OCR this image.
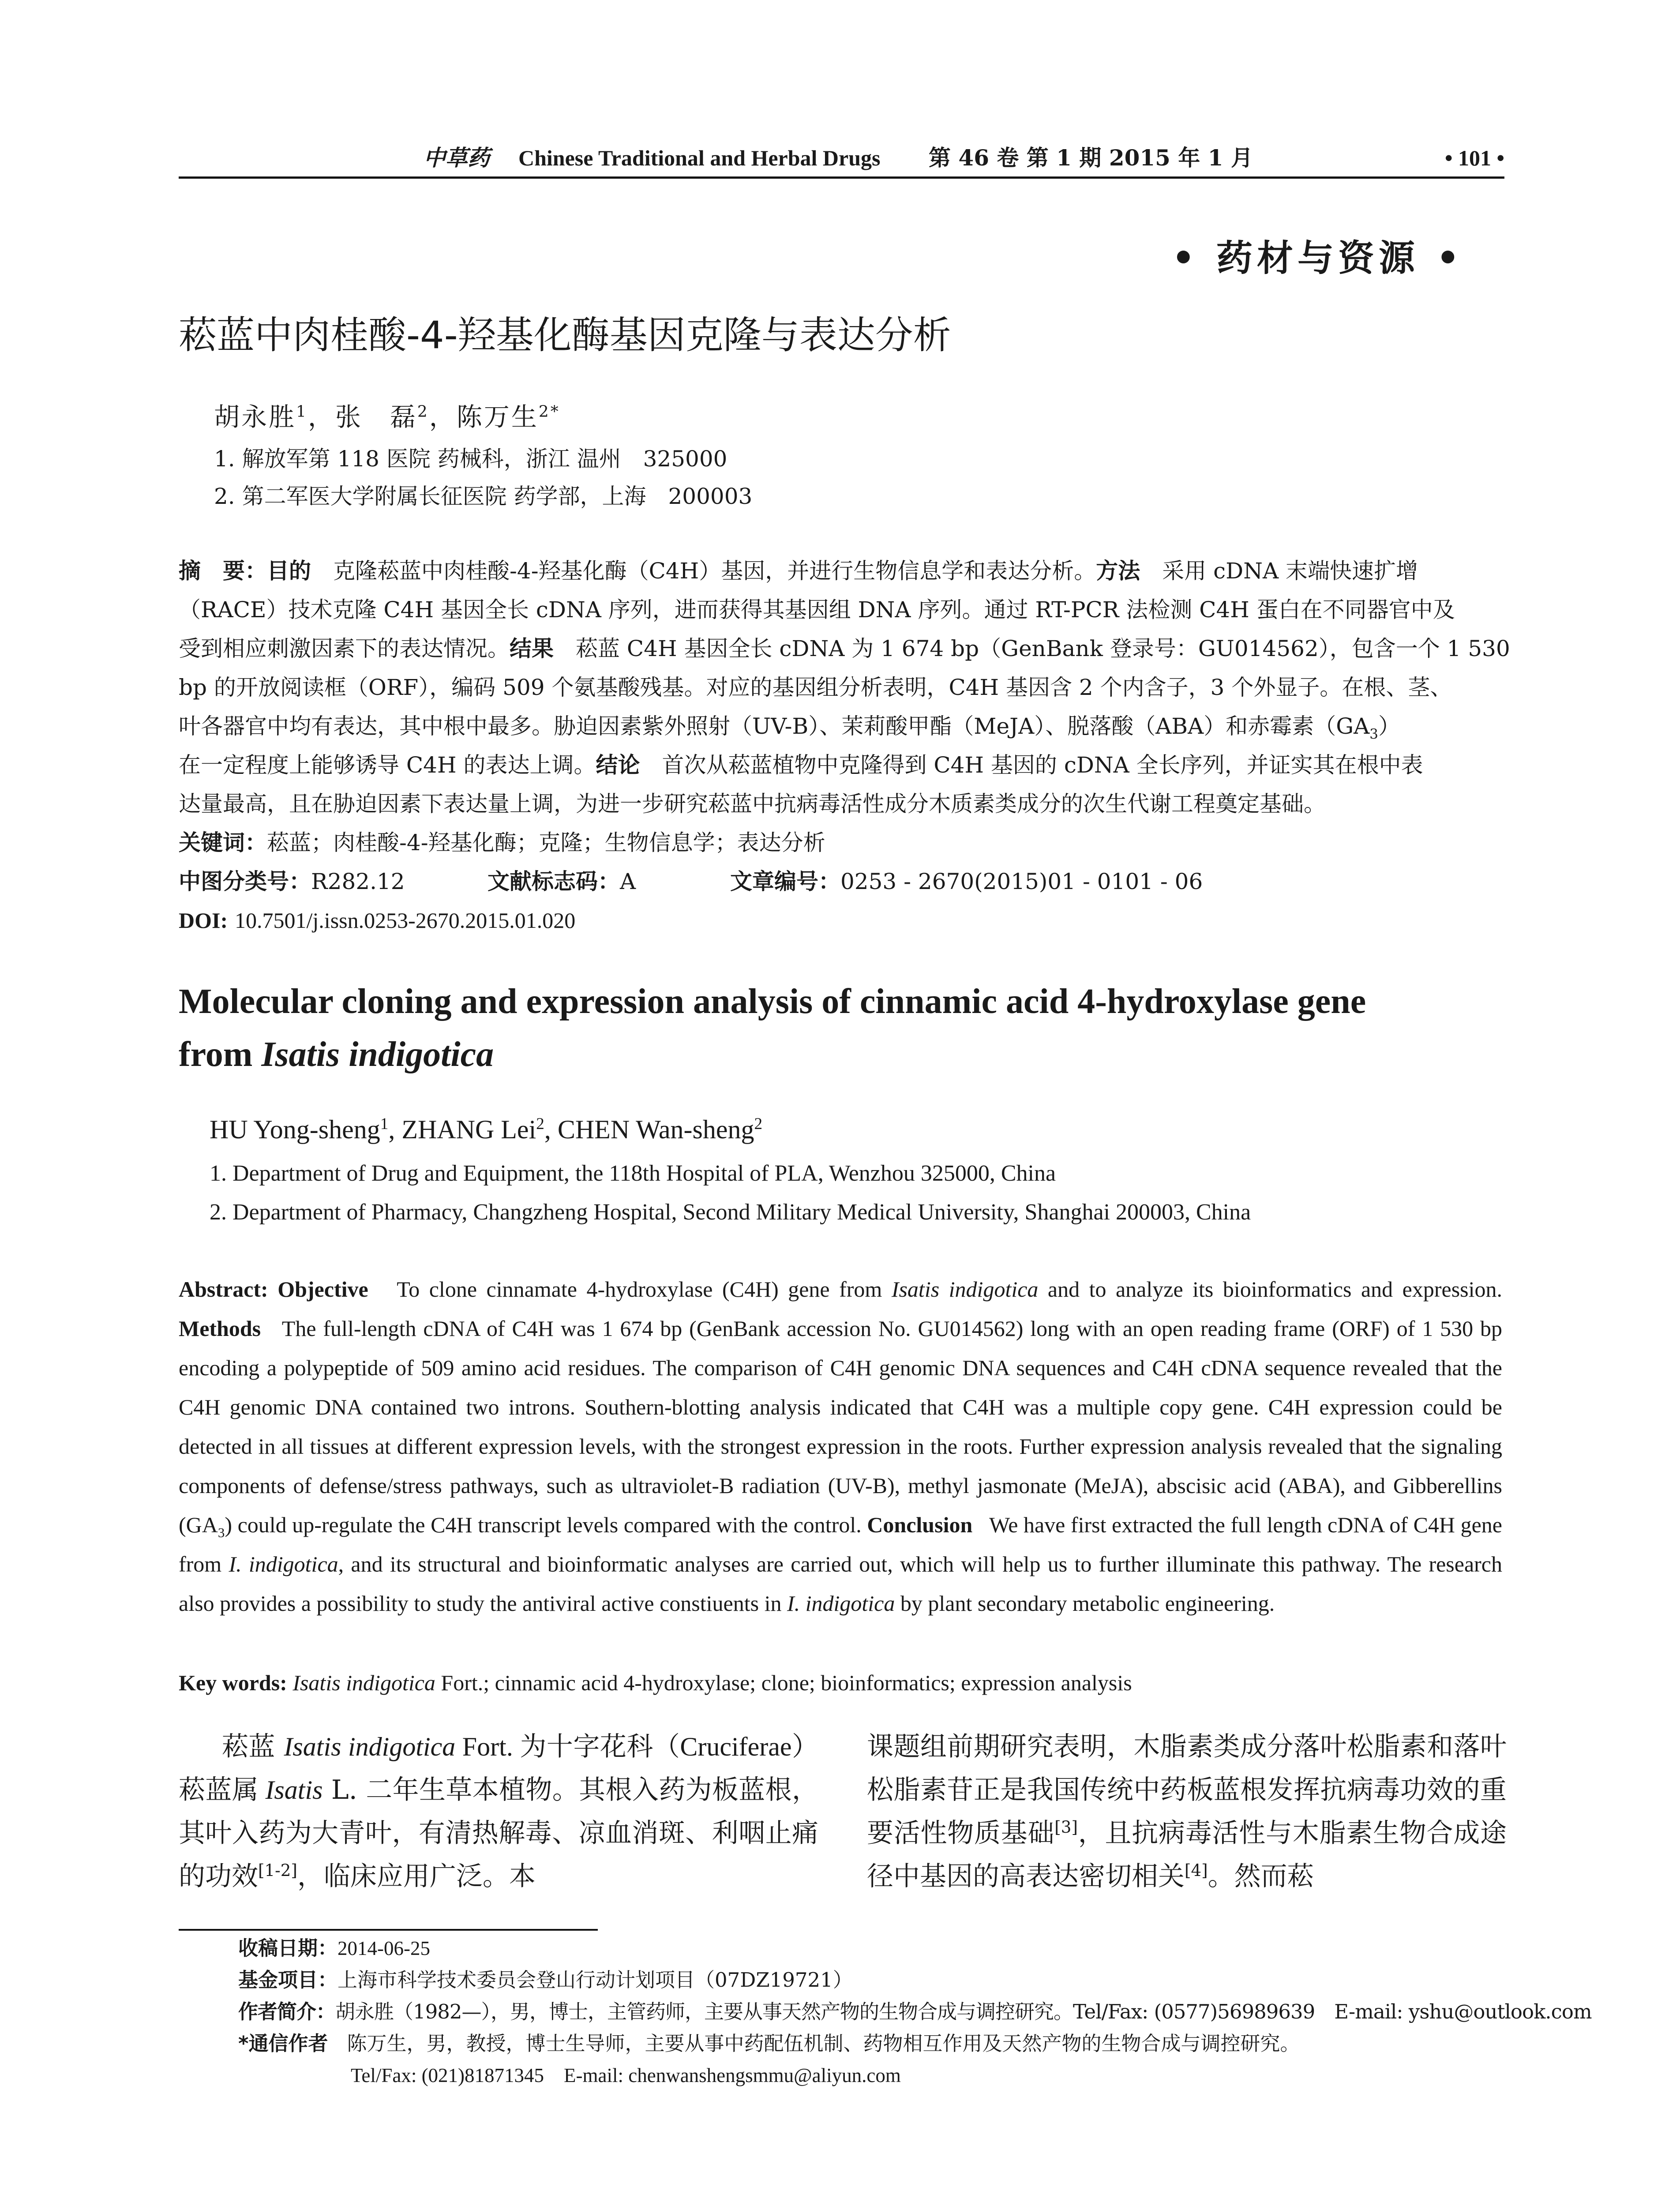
中草药 Chinese Traditional and Herbal Drugs 第 46 卷 第 1 期 2015 年 1 月	• 101 •
• 药材与资源 •
菘蓝中肉桂酸-4-羟基化酶基因克隆与表达分析
胡永胜$^1$，张　磊$^2$，陈万生$^{2*}$
1. 解放军第 118 医院 药械科，浙江 温州　325000
2. 第二军医大学附属长征医院 药学部，上海　200003
摘　要：目的　 克隆菘蓝中肉桂酸-4-羟基化酶（C4H）基因，并进行生物信息学和表达分析。方法　 采用 cDNA 末端快速扩增
（RACE）技术克隆 C4H 基因全长 cDNA 序列，进而获得其基因组 DNA 序列。通过 RT-PCR 法检测 C4H 蛋白在不同器官中及
受到相应刺激因素下的表达情况。结果　 菘蓝 C4H 基因全长 cDNA 为 1 674 bp（GenBank 登录号：GU014562），包含一个 1 530
bp 的开放阅读框（ORF），编码 509 个氨基酸残基。对应的基因组分析表明，C4H 基因含 2 个内含子，3 个外显子。在根、茎、
叶各器官中均有表达，其中根中最多。胁迫因素紫外照射（UV-B）、茉莉酸甲酯（MeJA）、脱落酸（ABA）和赤霉素$(GA_3)$
在一定程度上能够诱导 C4H 的表达上调。结论　 首次从菘蓝植物中克隆得到 C4H 基因的 cDNA 全长序列，并证实其在根中表
达量最高，且在胁迫因素下表达量上调，为进一步研究菘蓝中抗病毒活性成分木质素类成分的次生代谢工程奠定基础。
关键词：菘蓝；肉桂酸-4-羟基化酶；克隆；生物信息学；表达分析
中图分类号：R282.12	文献标志码：A	文章编号：0253 - 2670(2015)01 - 0101 - 06
DOI: 10.7501/j.issn.0253-2670.2015.01.020
Molecular cloning and expression analysis of cinnamic acid 4-hydroxylase gene
from Isatis indigotica
HU Yong-sheng$^1$, ZHANG Lei$^2$, CHEN Wan-sheng$^2$
1. Department of Drug and Equipment, the 118th Hospital of PLA, Wenzhou 325000, China
2. Department of Pharmacy, Changzheng Hospital, Second Military Medical University, Shanghai 200003, China
Abstract: Objective To clone cinnamate 4-hydroxylase (C4H) gene from Isatis indigotica and to analyze its bioinformatics and expression. Methods The full-length cDNA of C4H was 1 674 bp (GenBank accession No. GU014562) long with an open reading frame (ORF) of 1 530 bp encoding a polypeptide of 509 amino acid residues. The comparison of C4H genomic DNA sequences and C4H cDNA sequence revealed that the C4H genomic DNA contained two introns. Southern-blotting analysis indicated that C4H was a multiple copy gene. C4H expression could be detected in all tissues at different expression levels, with the strongest expression in the roots. Further expression analysis revealed that the signaling components of defense/stress pathways, such as ultraviolet-B radiation (UV-B), methyl jasmonate (MeJA), abscisic acid (ABA), and Gibberellins $(GA_3)$ could up-regulate the C4H transcript levels compared with the control. Conclusion We have first extracted the full length cDNA of C4H gene from I. indigotica, and its structural and bioinformatic analyses are carried out, which will help us to further illuminate this pathway. The research also provides a possibility to study the antiviral active constiuents in I. indigotica by plant secondary metabolic engineering.
Key words: Isatis indigotica Fort.; cinnamic acid 4-hydroxylase; clone; bioinformatics; expression analysis
菘蓝 Isatis indigotica Fort. 为十字花科（Cruciferae）菘蓝属 Isatis L. 二年生草本植物。其根入药为板蓝根，其叶入药为大青叶，有清热解毒、凉血消斑、利咽止痛的功效[1-2]，临床应用广泛。本
课题组前期研究表明，木脂素类成分落叶松脂素和落叶松脂素苷正是我国传统中药板蓝根发挥抗病毒功效的重要活性物质基础[3]，且抗病毒活性与木脂素生物合成途径中基因的高表达密切相关[4]。然而菘
收稿日期：2014-06-25
基金项目：上海市科学技术委员会登山行动计划项目（07DZ19721）
作者简介：胡永胜（1982—），男，博士，主管药师，主要从事天然产物的生物合成与调控研究。Tel/Fax: (0577)56989639　E-mail: yshu@outlook.com
*通信作者 陈万生，男，教授，博士生导师，主要从事中药配伍机制、药物相互作用及天然产物的生物合成与调控研究。
Tel/Fax: (021)81871345　E-mail: chenwanshengsmmu@aliyun.com
